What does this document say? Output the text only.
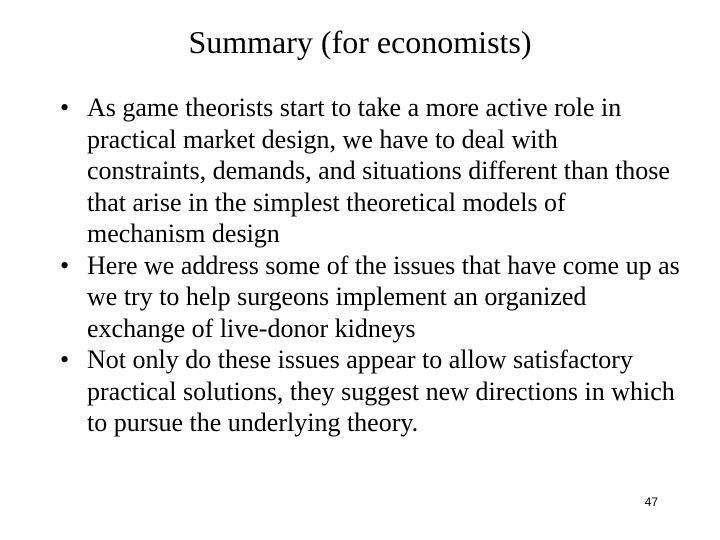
Summary (for economists)
• As game theorists start to take a more active role in practical market design, we have to deal with constraints, demands, and situations different than those that arise in the simplest theoretical models of mechanism design
• Here we address some of the issues that have come up as we try to help surgeons implement an organized exchange of live-donor kidneys
• Not only do these issues appear to allow satisfactory practical solutions, they suggest new directions in which to pursue the underlying theory.
47
